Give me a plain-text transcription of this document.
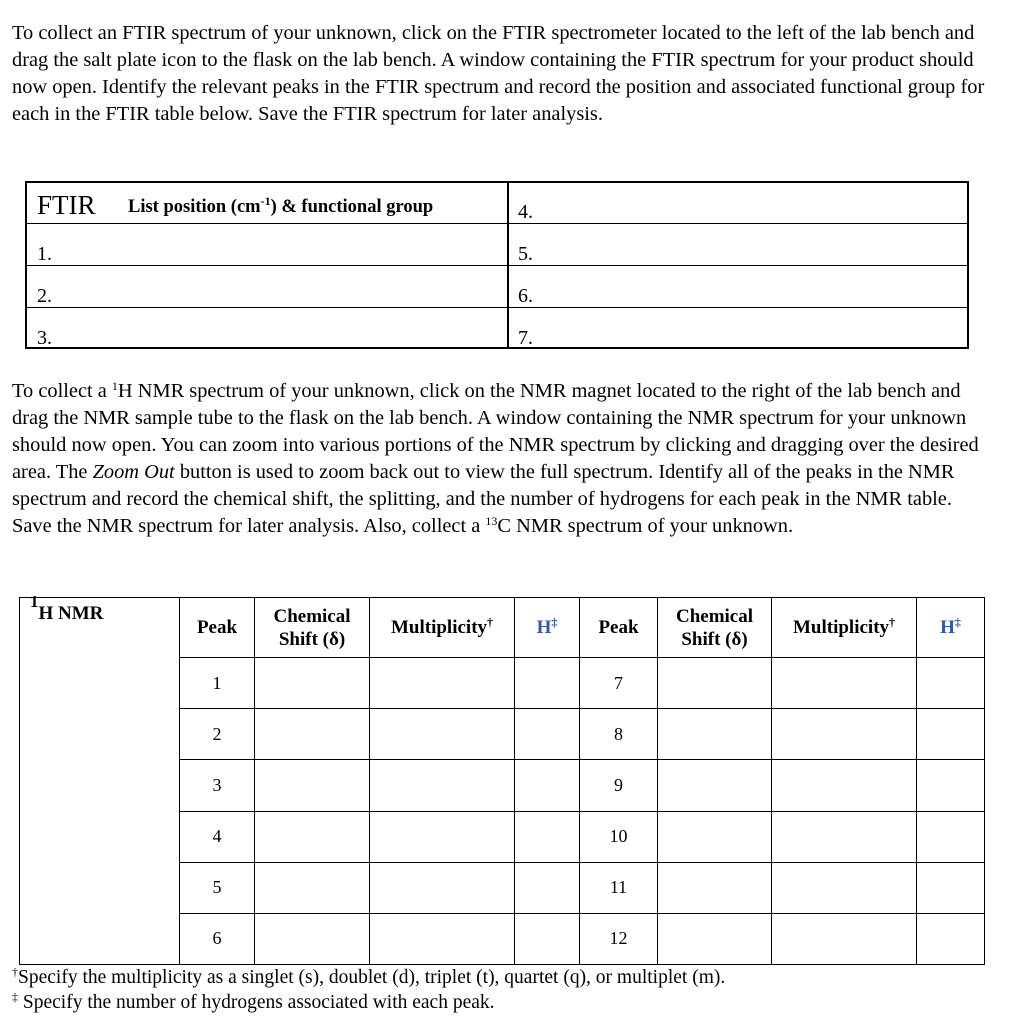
To collect an FTIR spectrum of your unknown, click on the FTIR spectrometer located to the left of the lab bench and drag the salt plate icon to the flask on the lab bench. A window containing the FTIR spectrum for your product should now open. Identify the relevant peaks in the FTIR spectrum and record the position and associated functional group for each in the FTIR table below. Save the FTIR spectrum for later analysis.

FTIR List position $(cm^{-1})$ & functional group
1.
2.
3.
4.
5.
6.
7.

To collect a $^1$H NMR spectrum of your unknown, click on the NMR magnet located to the right of the lab bench and drag the NMR sample tube to the flask on the lab bench. A window containing the NMR spectrum for your unknown should now open. You can zoom into various portions of the NMR spectrum by clicking and dragging over the desired area. The Zoom Out button is used to zoom back out to view the full spectrum. Identify all of the peaks in the NMR spectrum and record the chemical shift, the splitting, and the number of hydrogens for each peak in the NMR table. Save the NMR spectrum for later analysis. Also, collect a $^{13}$C NMR spectrum of your unknown.

$^1$H NMR	Peak	Chemical
Shift (δ)	Multiplicity†	H‡	Peak	Chemical
Shift (δ)	Multiplicity†	H‡
	1				7			
	2				8			
	3				9			
	4				10			
	5				11			
	6				12			

†Specify the multiplicity as a singlet (s), doublet (d), triplet (t), quartet (q), or multiplet (m).

‡ Specify the number of hydrogens associated with each peak.
